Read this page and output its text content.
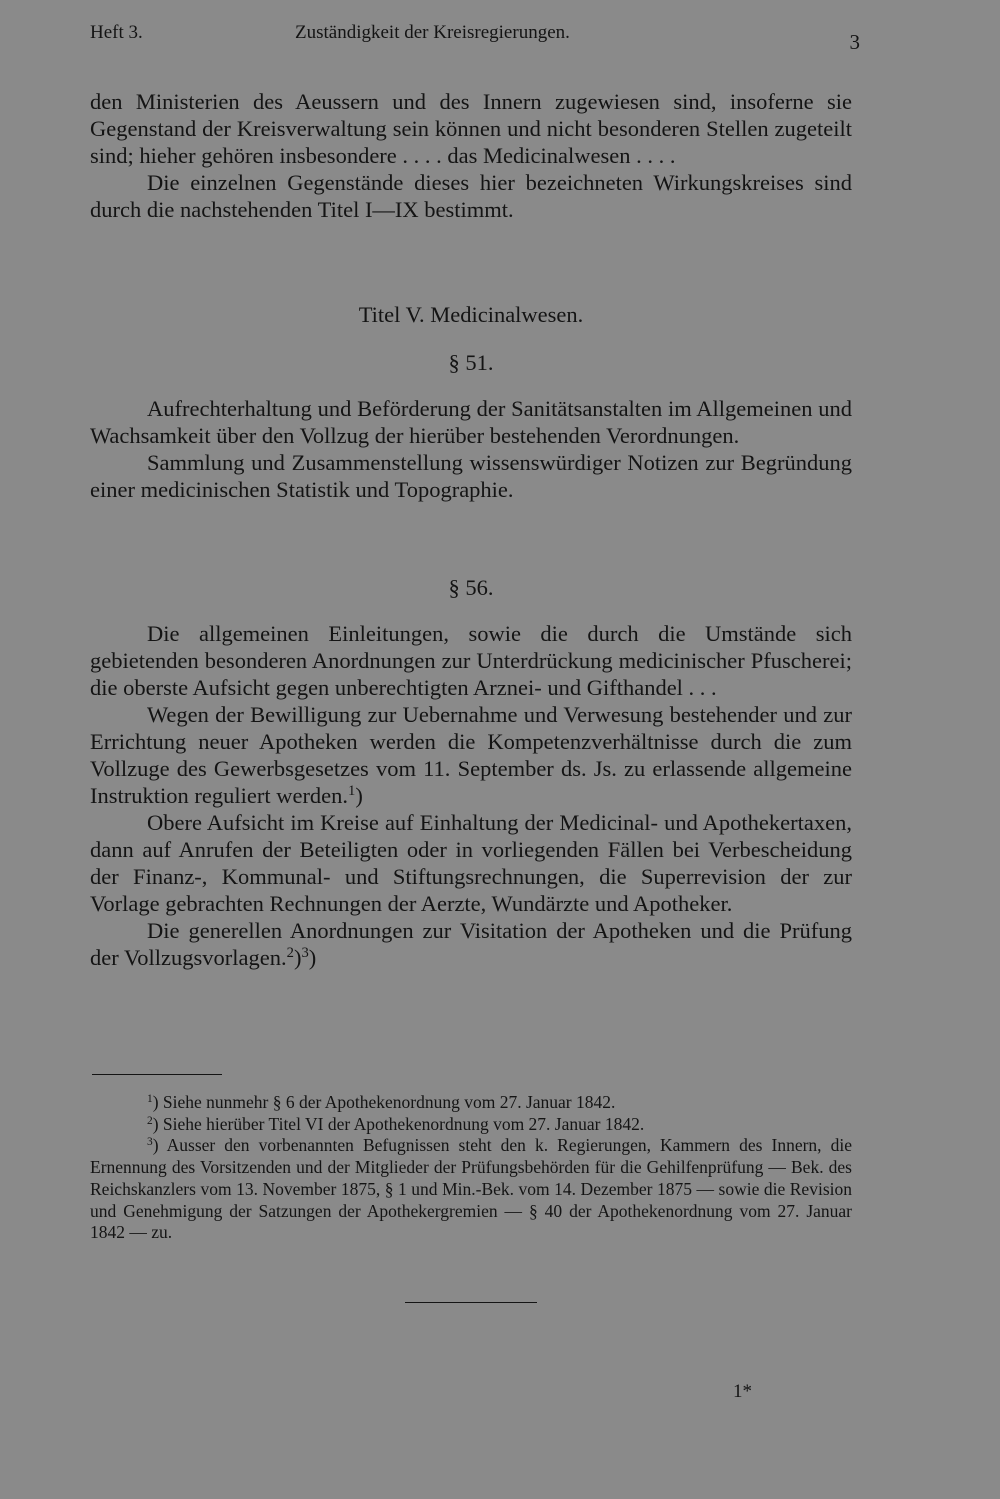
Heft 3.	Zuständigkeit der Kreisregierungen.	3

den Ministerien des Aeussern und des Innern zugewiesen sind, insoferne sie Gegenstand der Kreisverwaltung sein können und nicht besonderen Stellen zugeteilt sind; hieher gehören insbesondere . . . . das Medicinalwesen . . . .

Die einzelnen Gegenstände dieses hier bezeichneten Wirkungskreises sind durch die nachstehenden Titel I—IX bestimmt.

Titel V. Medicinalwesen.
§ 51.

Aufrechterhaltung und Beförderung der Sanitätsanstalten im Allgemeinen und Wachsamkeit über den Vollzug der hierüber bestehenden Verordnungen.

Sammlung und Zusammenstellung wissenswürdiger Notizen zur Begründung einer medicinischen Statistik und Topographie.

§ 56.

Die allgemeinen Einleitungen, sowie die durch die Umstände sich gebietenden besonderen Anordnungen zur Unterdrückung medicinischer Pfuscherei; die oberste Aufsicht gegen unberechtigten Arznei- und Gifthandel . . .

Wegen der Bewilligung zur Uebernahme und Verwesung bestehender und zur Errichtung neuer Apotheken werden die Kompetenzverhältnisse durch die zum Vollzuge des Gewerbsgesetzes vom 11. September ds. Js. zu erlassende allgemeine Instruktion reguliert werden.$^1$)

Obere Aufsicht im Kreise auf Einhaltung der Medicinal- und Apothekertaxen, dann auf Anrufen der Beteiligten oder in vorliegenden Fällen bei Verbescheidung der Finanz-, Kommunal- und Stiftungsrechnungen, die Superrevision der zur Vorlage gebrachten Rechnungen der Aerzte, Wundärzte und Apotheker.

Die generellen Anordnungen zur Visitation der Apotheken und die Prüfung der Vollzugsvorlagen.$^2$)$^3$)

$^1$) Siehe nunmehr § 6 der Apothekenordnung vom 27. Januar 1842.

$^2$) Siehe hierüber Titel VI der Apothekenordnung vom 27. Januar 1842.

$^3$) Ausser den vorbenannten Befugnissen steht den k. Regierungen, Kammern des Innern, die Ernennung des Vorsitzenden und der Mitglieder der Prüfungsbehörden für die Gehilfenprüfung — Bek. des Reichskanzlers vom 13. November 1875, § 1 und Min.-Bek. vom 14. Dezember 1875 — sowie die Revision und Genehmigung der Satzungen der Apothekergremien — § 40 der Apothekenordnung vom 27. Januar 1842 — zu.

1*
